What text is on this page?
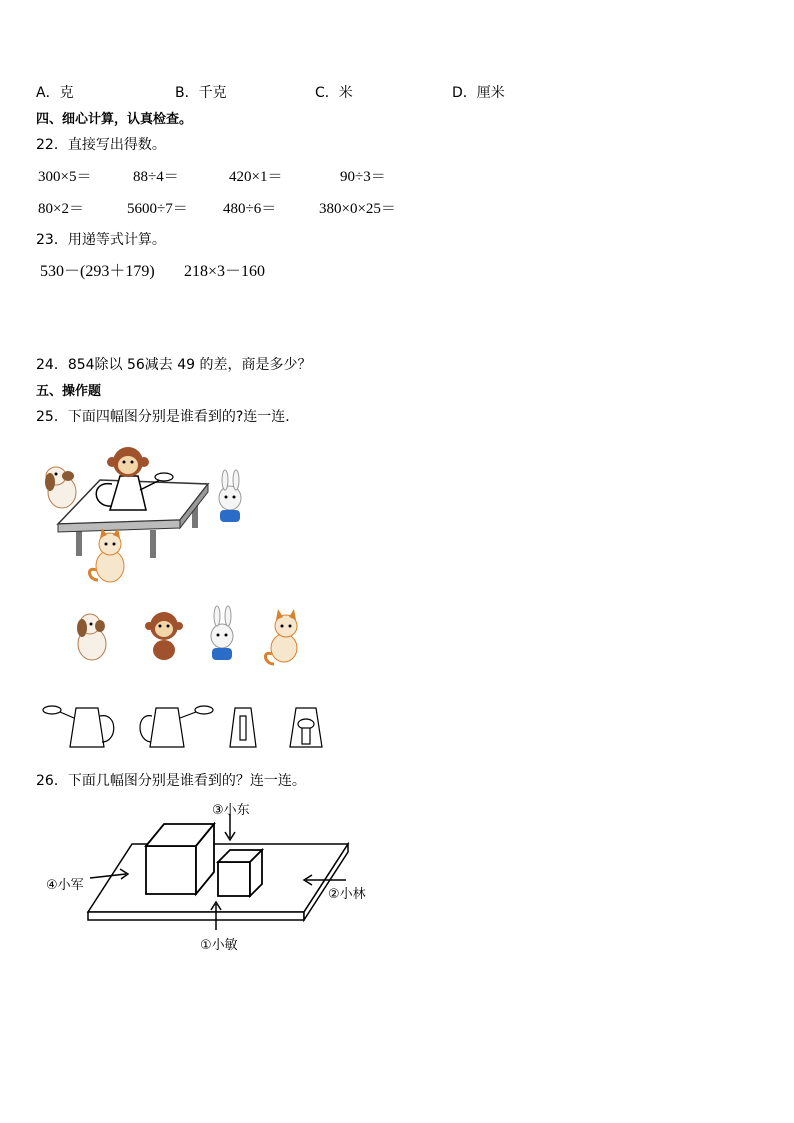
A．克	B．千克	C．米	D．厘米
四、细心计算，认真检查。
22．直接写出得数。
300×5＝	88÷4＝	420×1＝	90÷3＝
80×2＝	5600÷7＝ 480÷6＝	380×0×25＝
23．用递等式计算。
530－(293＋179) 218×3－160
24．854除以 56减去 49 的差，商是多少？
五、操作题
25．下面四幅图分别是谁看到的?连一连．
26．下面几幅图分别是谁看到的？连一连。
③小东
④小军
②小林
①小敏
